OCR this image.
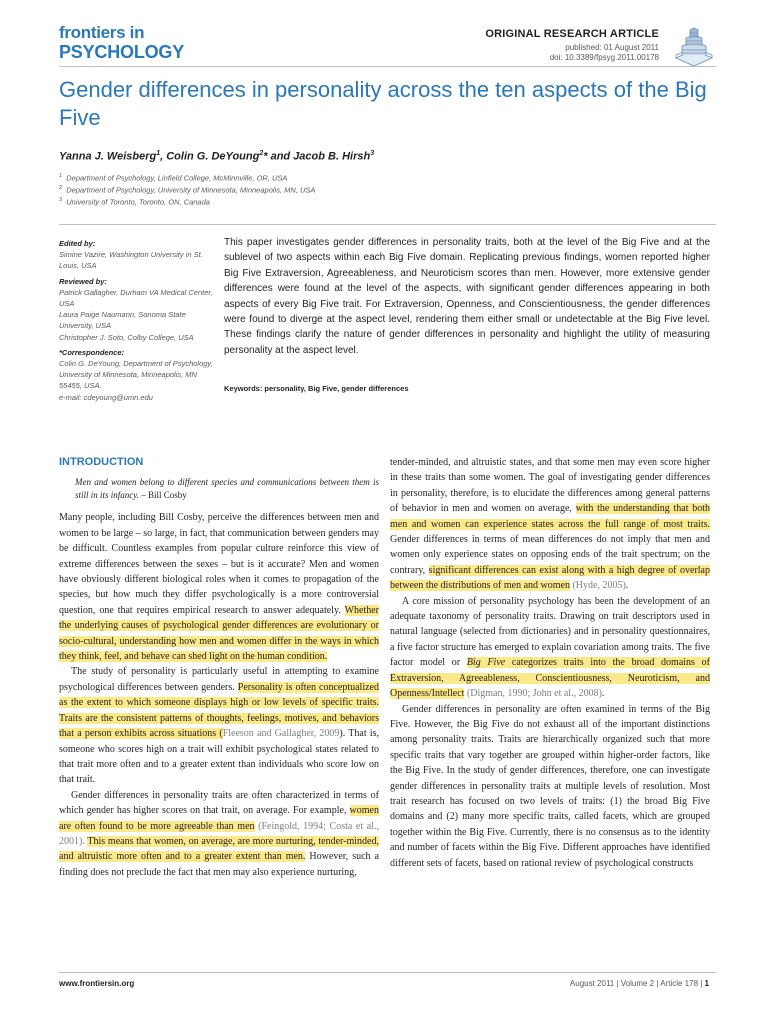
frontiers in
PSYCHOLOGY
ORIGINAL RESEARCH ARTICLE
published: 01 August 2011
doi: 10.3389/fpsyg.2011.00178
Gender differences in personality across the ten aspects of the Big Five
Yanna J. Weisberg$^1$, Colin G. DeYoung$^2$* and Jacob B. Hirsh$^3$
$^1$ Department of Psychology, Linfield College, McMinnville, OR, USA
$^2$ Department of Psychology, University of Minnesota, Minneapolis, MN, USA
$^3$ University of Toronto, Toronto, ON, Canada

Edited by:

Simine Vazire, Washington University in St. Louis, USA

Reviewed by:

Patrick Gallagher, Durham VA Medical Center, USA

Laura Paige Naumann, Sonoma State University, USA

Christopher J. Soto, Colby College, USA

*Correspondence:

Colin G. DeYoung, Department of Psychology, University of Minnesota, Minneapolis, MN 55455, USA.

e-mail: cdeyoung@umn.edu

This paper investigates gender differences in personality traits, both at the level of the Big Five and at the sublevel of two aspects within each Big Five domain. Replicating previous findings, women reported higher Big Five Extraversion, Agreeableness, and Neuroticism scores than men. However, more extensive gender differences were found at the level of the aspects, with significant gender differences appearing in both aspects of every Big Five trait. For Extraversion, Openness, and Conscientiousness, the gender differences were found to diverge at the aspect level, rendering them either small or undetectable at the Big Five level. These findings clarify the nature of gender differences in personality and highlight the utility of measuring personality at the aspect level.
Keywords: personality, Big Five, gender differences
INTRODUCTION
Men and women belong to different species and communications between them is still in its infancy. – Bill Cosby

Many people, including Bill Cosby, perceive the differences between men and women to be large – so large, in fact, that communication between genders may be difficult. Countless examples from popular culture reinforce this view of extreme differences between the sexes – but is it accurate? Men and women have obviously different biological roles when it comes to propagation of the species, but how much they differ psychologically is a more controversial question, one that requires empirical research to answer adequately. Whether the underlying causes of psychological gender differences are evolutionary or socio-cultural, understanding how men and women differ in the ways in which they think, feel, and behave can shed light on the human condition.

The study of personality is particularly useful in attempting to examine psychological differences between genders. Personality is often conceptualized as the extent to which someone displays high or low levels of specific traits. Traits are the consistent patterns of thoughts, feelings, motives, and behaviors that a person exhibits across situations (Fleeson and Gallagher, 2009). That is, someone who scores high on a trait will exhibit psychological states related to that trait more often and to a greater extent than individuals who score low on that trait.

Gender differences in personality traits are often characterized in terms of which gender has higher scores on that trait, on average. For example, women are often found to be more agreeable than men (Feingold, 1994; Costa et al., 2001). This means that women, on average, are more nurturing, tender-minded, and altruistic more often and to a greater extent than men. However, such a finding does not preclude the fact that men may also experience nurturing,

tender-minded, and altruistic states, and that some men may even score higher in these traits than some women. The goal of investigating gender differences in personality, therefore, is to elucidate the differences among general patterns of behavior in men and women on average, with the understanding that both men and women can experience states across the full range of most traits. Gender differences in terms of mean differences do not imply that men and women only experience states on opposing ends of the trait spectrum; on the contrary, significant differences can exist along with a high degree of overlap between the distributions of men and women (Hyde, 2005).

A core mission of personality psychology has been the development of an adequate taxonomy of personality traits. Drawing on trait descriptors used in natural language (selected from dictionaries) and in personality questionnaires, a five factor structure has emerged to explain covariation among traits. The five factor model or Big Five categorizes traits into the broad domains of Extraversion, Agreeableness, Conscientiousness, Neuroticism, and Openness/Intellect (Digman, 1990; John et al., 2008).

Gender differences in personality are often examined in terms of the Big Five. However, the Big Five do not exhaust all of the important distinctions among personality traits. Traits are hierarchically organized such that more specific traits that vary together are grouped within higher-order factors, like the Big Five. In the study of gender differences, therefore, one can investigate gender differences in personality traits at multiple levels of resolution. Most trait research has focused on two levels of traits: (1) the broad Big Five domains and (2) many more specific traits, called facets, which are grouped together within the Big Five. Currently, there is no consensus as to the identity and number of facets within the Big Five. Different approaches have identified different sets of facets, based on rational review of psychological constructs

www.frontiersin.org	August 2011 | Volume 2 | Article 178 | 1
